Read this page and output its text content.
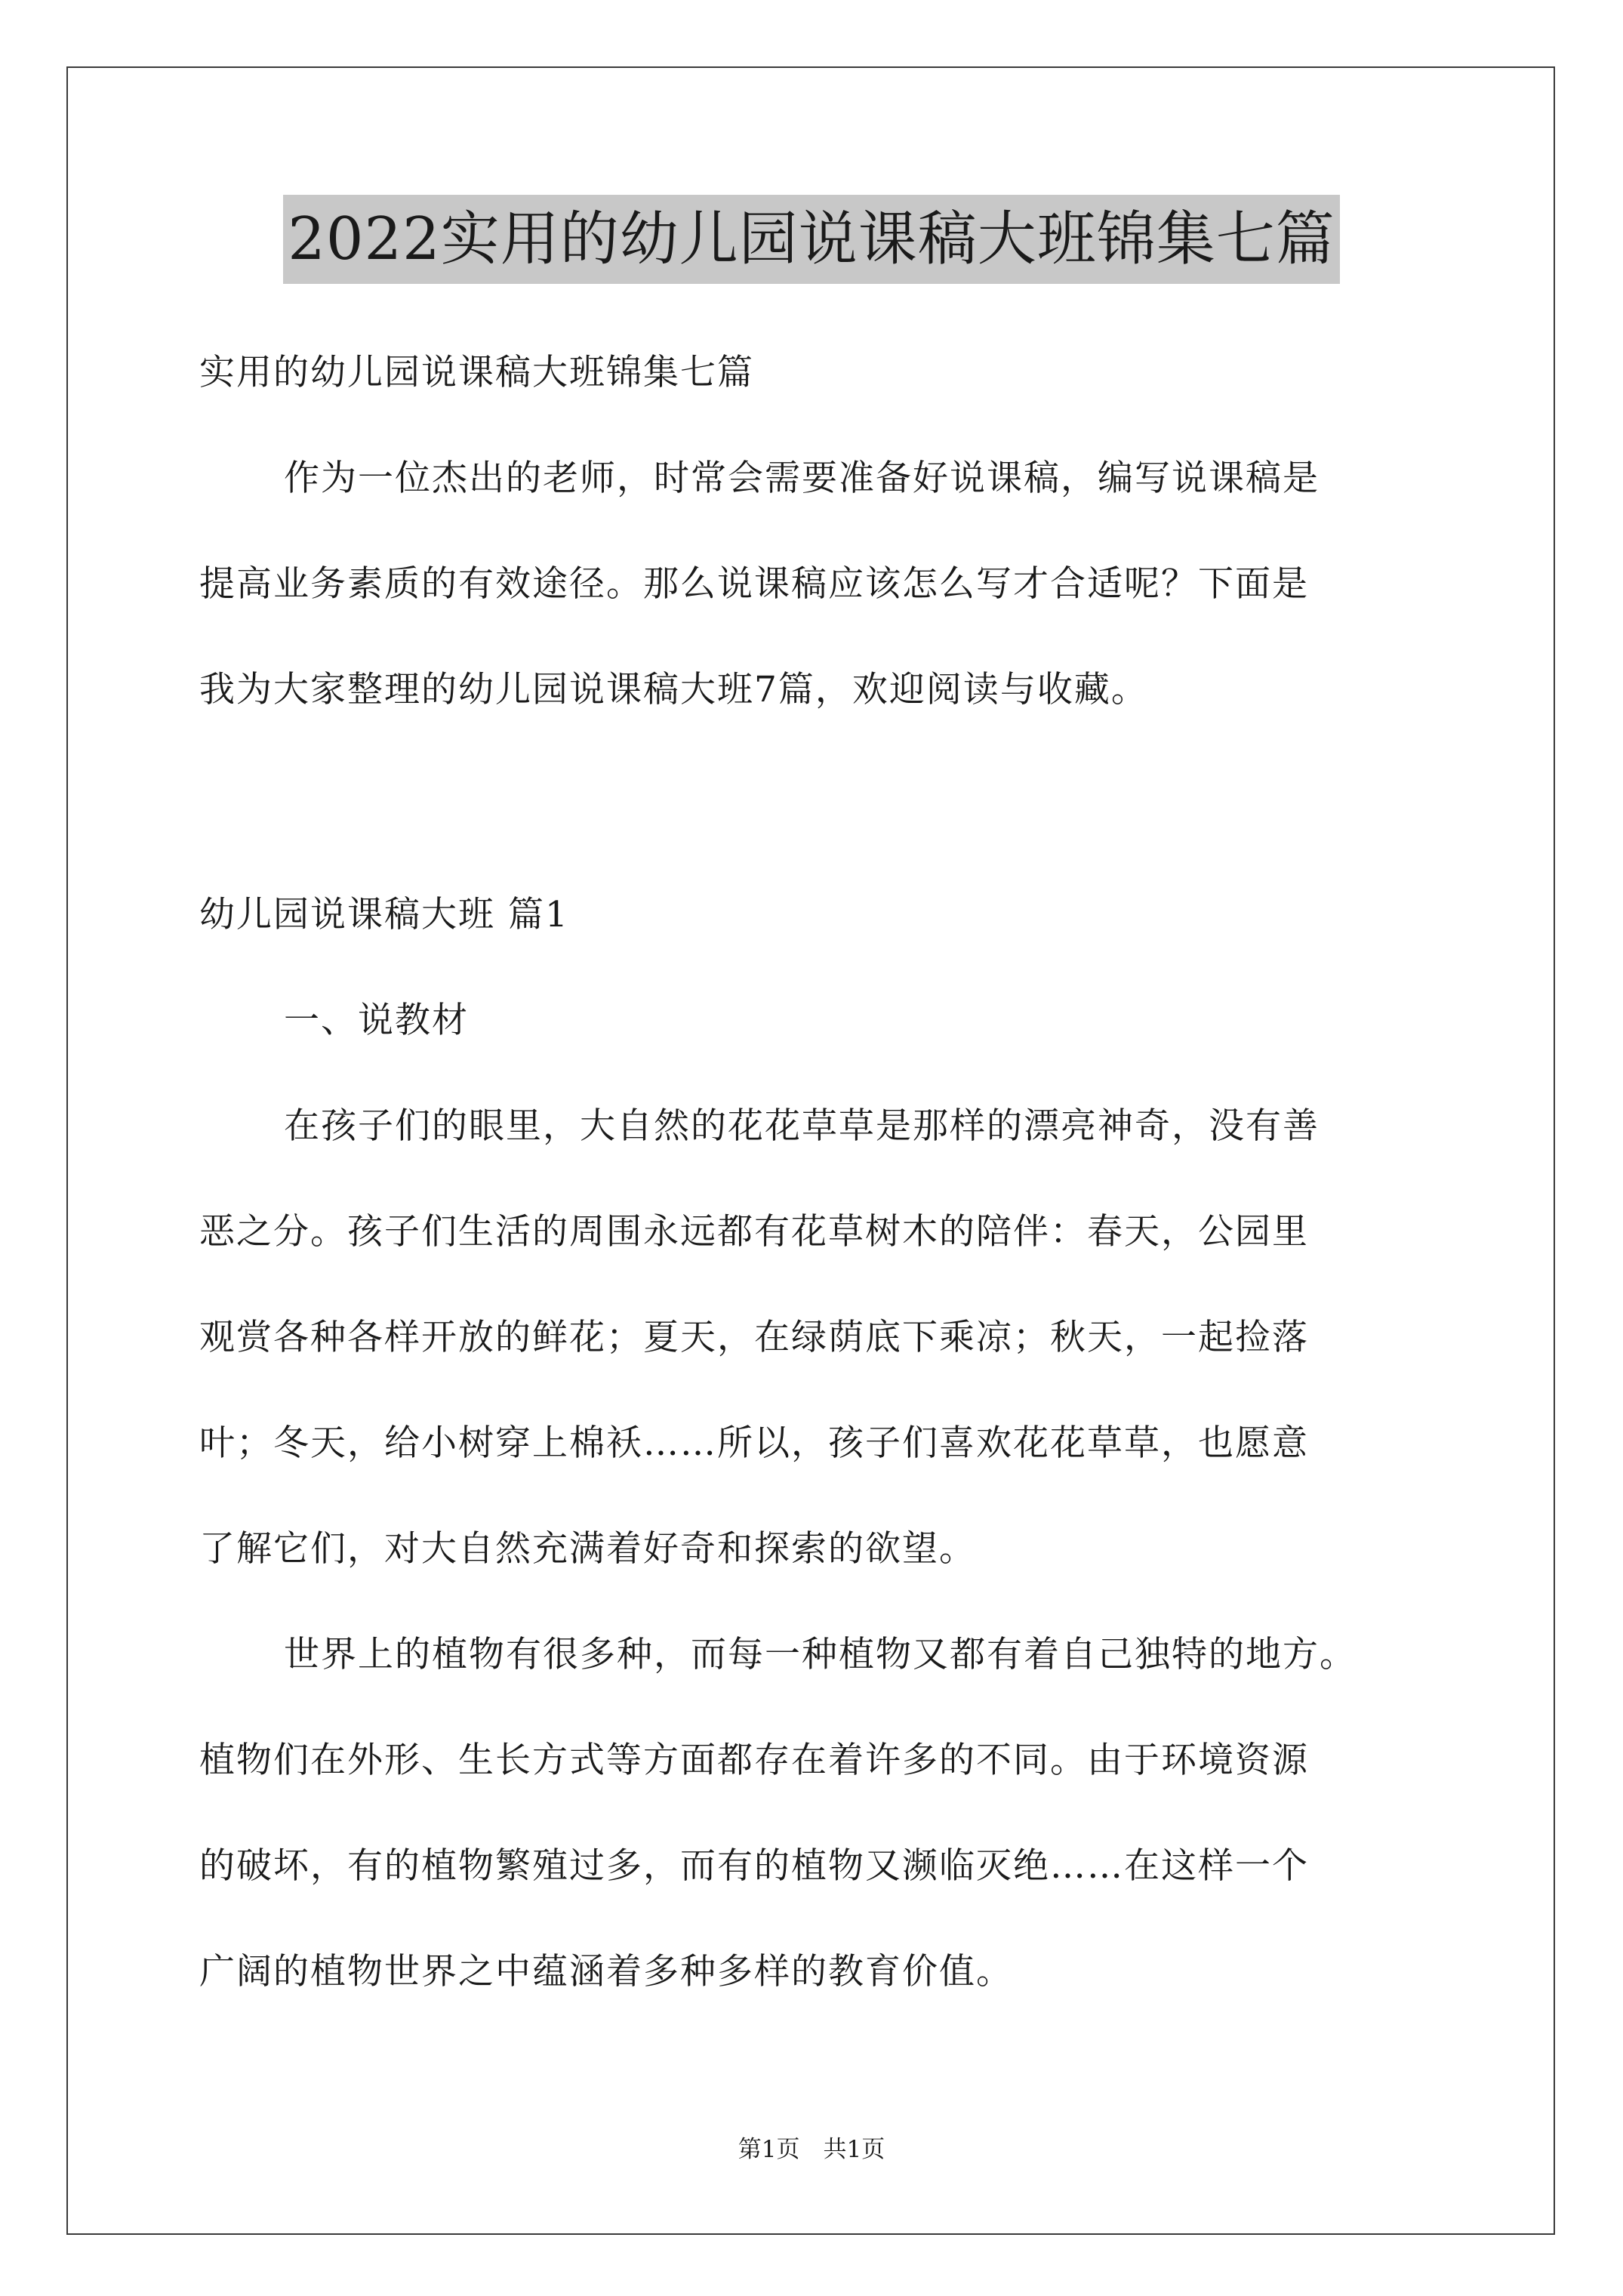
2022实用的幼儿园说课稿大班锦集七篇

实用的幼儿园说课稿大班锦集七篇

作为一位杰出的老师，时常会需要准备好说课稿，编写说课稿是
提高业务素质的有效途径。那么说课稿应该怎么写才合适呢？下面是
我为大家整理的幼儿园说课稿大班7篇，欢迎阅读与收藏。

幼儿园说课稿大班 篇1

一、说教材

在孩子们的眼里，大自然的花花草草是那样的漂亮神奇，没有善
恶之分。孩子们生活的周围永远都有花草树木的陪伴：春天，公园里
观赏各种各样开放的鲜花；夏天，在绿荫底下乘凉；秋天，一起捡落
叶；冬天，给小树穿上棉袄……所以，孩子们喜欢花花草草，也愿意
了解它们，对大自然充满着好奇和探索的欲望。

世界上的植物有很多种，而每一种植物又都有着自己独特的地方。
植物们在外形、生长方式等方面都存在着许多的不同。由于环境资源
的破坏，有的植物繁殖过多，而有的植物又濒临灭绝……在这样一个
广阔的植物世界之中蕴涵着多种多样的教育价值。

第1页　共1页
